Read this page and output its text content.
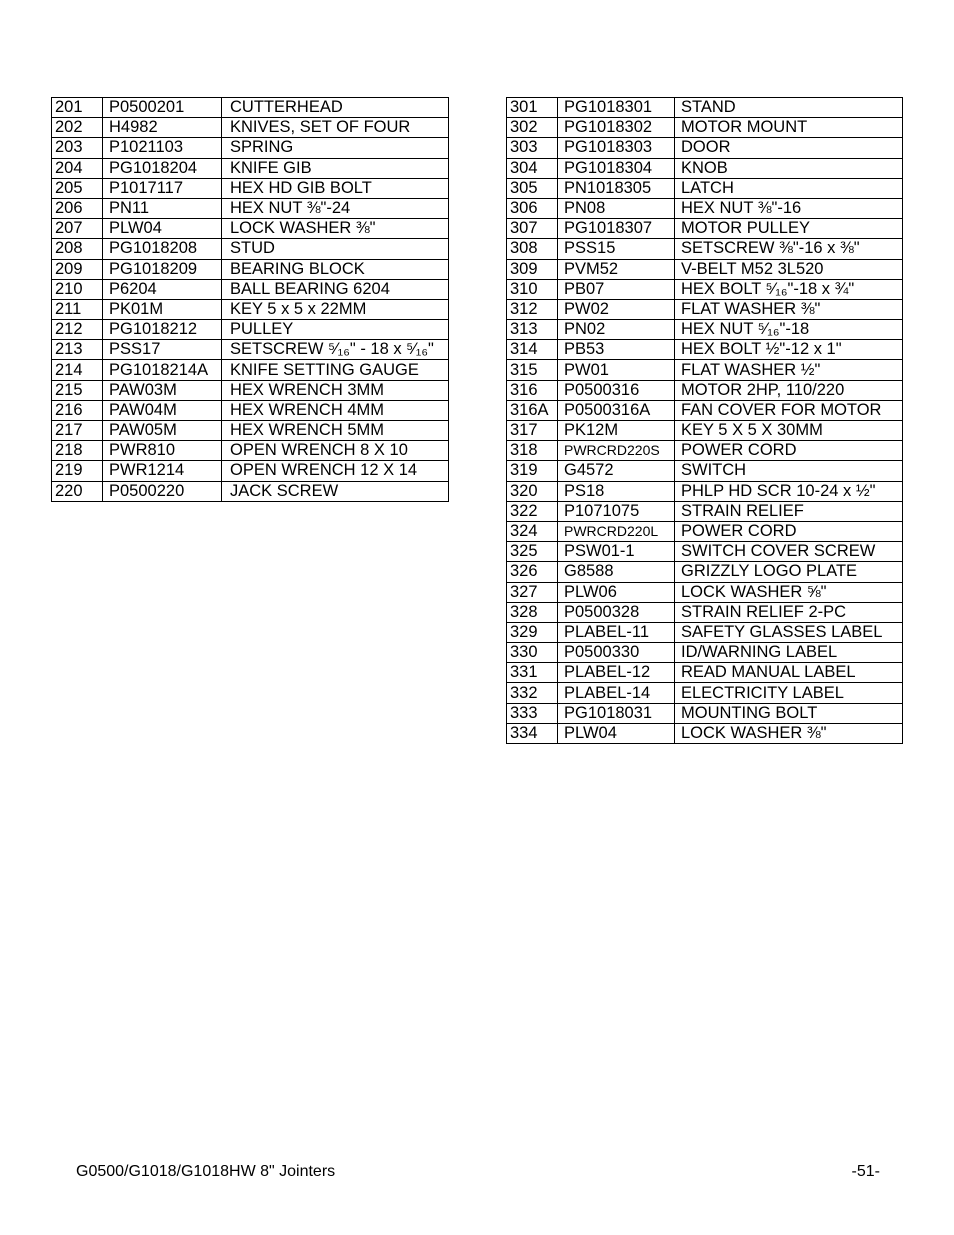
201	P0500201	CUTTERHEAD
202	H4982	KNIVES, SET OF FOUR
203	P1021103	SPRING
204	PG1018204	KNIFE GIB
205	P1017117	HEX HD GIB BOLT
206	PN11	HEX NUT ⅜"-24
207	PLW04	LOCK WASHER ⅜"
208	PG1018208	STUD
209	PG1018209	BEARING BLOCK
210	P6204	BALL BEARING 6204
211	PK01M	KEY 5 x 5 x 22MM
212	PG1018212	PULLEY
213	PSS17	SETSCREW ⁵⁄₁₆" - 18 x ⁵⁄₁₆"
214	PG1018214A	KNIFE SETTING GAUGE
215	PAW03M	HEX WRENCH 3MM
216	PAW04M	HEX WRENCH 4MM
217	PAW05M	HEX WRENCH 5MM
218	PWR810	OPEN WRENCH 8 X 10
219	PWR1214	OPEN WRENCH 12 X 14
220	P0500220	JACK SCREW
301	PG1018301	STAND
302	PG1018302	MOTOR MOUNT
303	PG1018303	DOOR
304	PG1018304	KNOB
305	PN1018305	LATCH
306	PN08	HEX NUT ⅜"-16
307	PG1018307	MOTOR PULLEY
308	PSS15	SETSCREW ⅜"-16 x ⅜"
309	PVM52	V-BELT M52 3L520
310	PB07	HEX BOLT ⁵⁄₁₆"-18 x ¾"
312	PW02	FLAT WASHER ⅜"
313	PN02	HEX NUT ⁵⁄₁₆"-18
314	PB53	HEX BOLT ½"-12 x 1"
315	PW01	FLAT WASHER ½"
316	P0500316	MOTOR 2HP, 110/220
316A	P0500316A	FAN COVER FOR MOTOR
317	PK12M	KEY 5 X 5 X 30MM
318	PWRCRD220S	POWER CORD
319	G4572	SWITCH
320	PS18	PHLP HD SCR 10-24 x ½"
322	P1071075	STRAIN RELIEF
324	PWRCRD220L	POWER CORD
325	PSW01-1	SWITCH COVER SCREW
326	G8588	GRIZZLY LOGO PLATE
327	PLW06	LOCK WASHER ⅝"
328	P0500328	STRAIN RELIEF 2-PC
329	PLABEL-11	SAFETY GLASSES LABEL
330	P0500330	ID/WARNING LABEL
331	PLABEL-12	READ MANUAL LABEL
332	PLABEL-14	ELECTRICITY LABEL
333	PG1018031	MOUNTING BOLT
334	PLW04	LOCK WASHER ⅜"
G0500/G1018/G1018HW 8" Jointers	-51-
